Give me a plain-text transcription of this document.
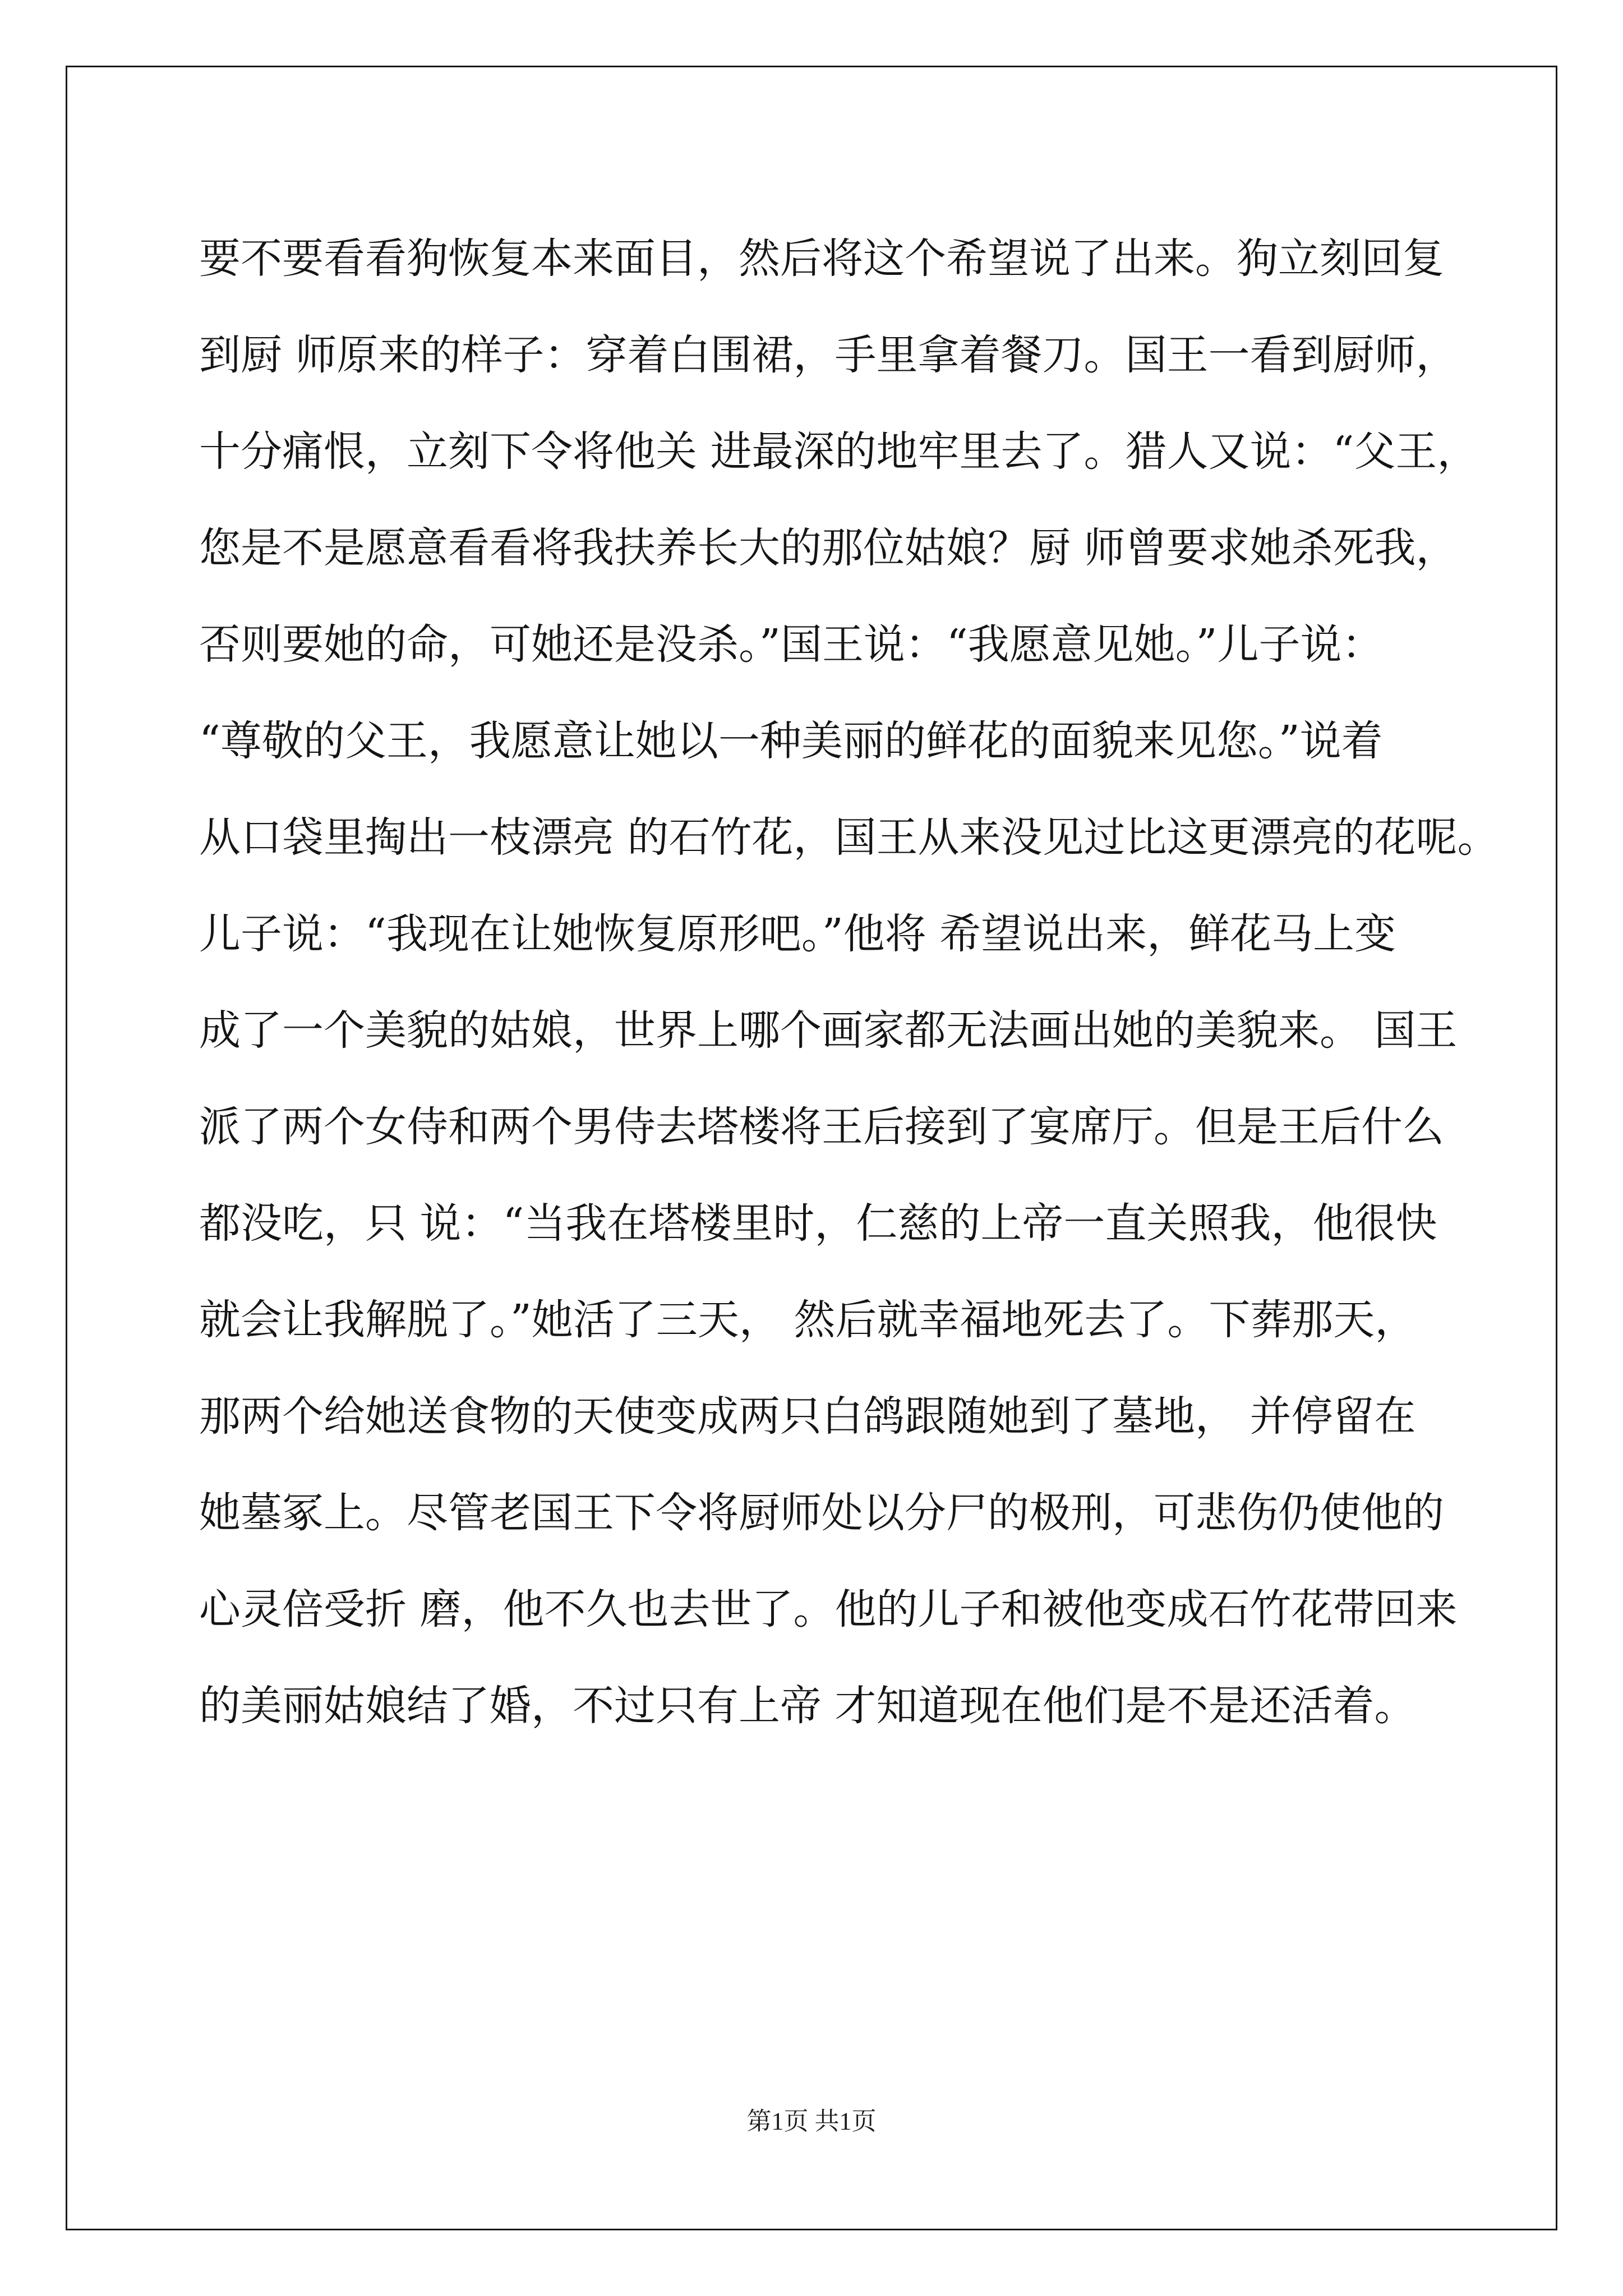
要不要看看狗恢复本来面目，然后将这个希望说了出来。狗立刻回复
到厨 师原来的样子：穿着白围裙，手里拿着餐刀。国王一看到厨师，
十分痛恨，立刻下令将他关 进最深的地牢里去了。猎人又说：“父王，
您是不是愿意看看将我扶养长大的那位姑娘？厨 师曾要求她杀死我，
否则要她的命，可她还是没杀。”国王说：“我愿意见她。”儿子说：
“尊敬的父王，我愿意让她以一种美丽的鲜花的面貌来见您。”说着
从口袋里掏出一枝漂亮 的石竹花，国王从来没见过比这更漂亮的花呢。
儿子说：“我现在让她恢复原形吧。”他将 希望说出来，鲜花马上变
成了一个美貌的姑娘，世界上哪个画家都无法画出她的美貌来。 国王
派了两个女侍和两个男侍去塔楼将王后接到了宴席厅。但是王后什么
都没吃，只 说：“当我在塔楼里时，仁慈的上帝一直关照我，他很快
就会让我解脱了。”她活了三天， 然后就幸福地死去了。下葬那天，
那两个给她送食物的天使变成两只白鸽跟随她到了墓地， 并停留在
她墓冢上。尽管老国王下令将厨师处以分尸的极刑，可悲伤仍使他的
心灵倍受折 磨，他不久也去世了。他的儿子和被他变成石竹花带回来
的美丽姑娘结了婚，不过只有上帝 才知道现在他们是不是还活着。
第1页 共1页
